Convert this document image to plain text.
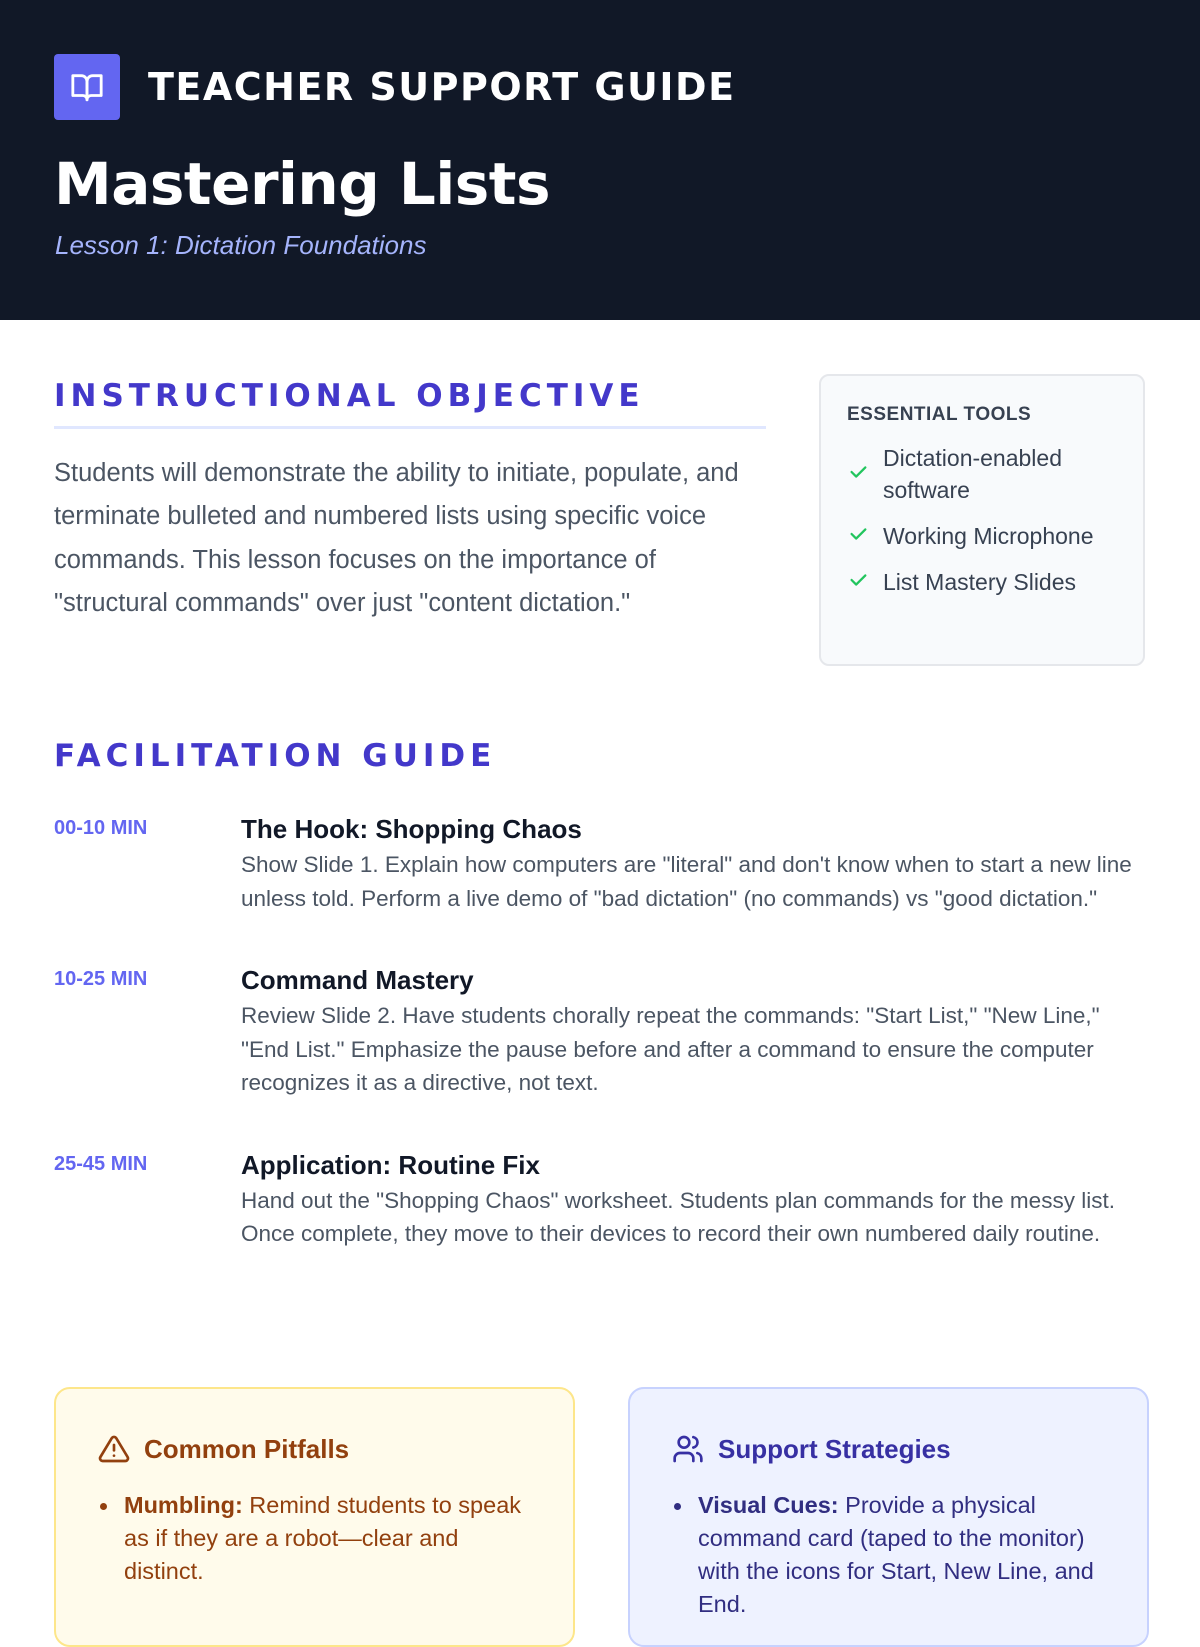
TEACHER SUPPORT GUIDE
Mastering Lists
Lesson 1: Dictation Foundations
INSTRUCTIONAL OBJECTIVE

Students will demonstrate the ability to initiate, populate, and terminate bulleted and numbered lists using specific voice commands. This lesson focuses on the importance of "structural commands" over just "content dictation."

ESSENTIAL TOOLS
Dictation-enabled software
Working Microphone
List Mastery Slides
FACILITATION GUIDE
00-10 MIN	The Hook: Shopping Chaos
Show Slide 1. Explain how computers are "literal" and don't know when to start a new line unless told. Perform a live demo of "bad dictation" (no commands) vs "good dictation."
10-25 MIN	Command Mastery
Review Slide 2. Have students chorally repeat the commands: "Start List," "New Line," "End List." Emphasize the pause before and after a command to ensure the computer recognizes it as a directive, not text.
25-45 MIN	Application: Routine Fix
Hand out the "Shopping Chaos" worksheet. Students plan commands for the messy list. Once complete, they move to their devices to record their own numbered daily routine.
Common Pitfalls
Mumbling: Remind students to speak as if they are a robot—clear and distinct.
Support Strategies
Visual Cues: Provide a physical command card (taped to the monitor) with the icons for Start, New Line, and End.
